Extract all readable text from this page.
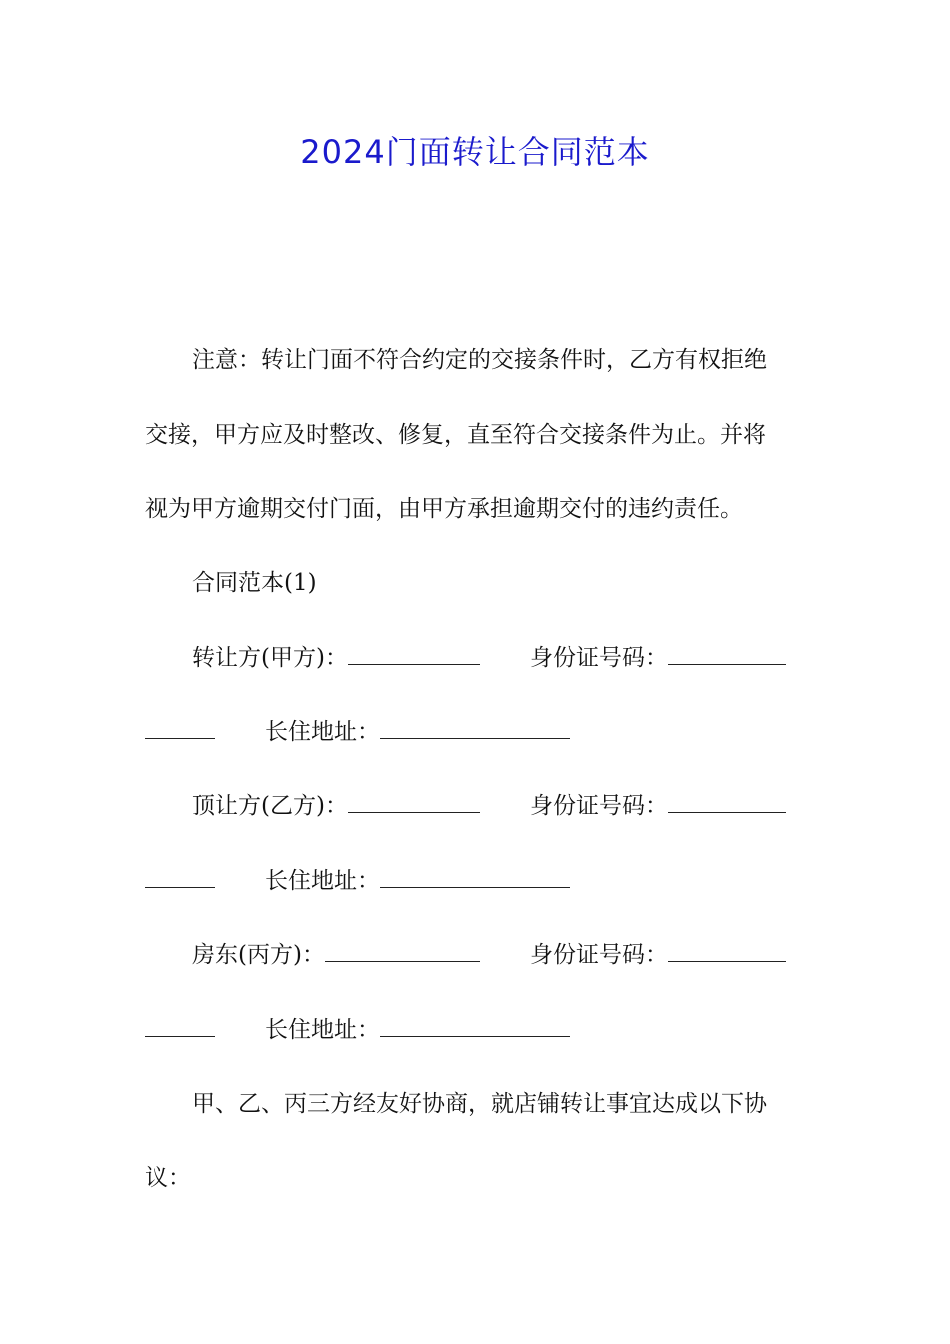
2024门面转让合同范本
注意：转让门面不符合约定的交接条件时，乙方有权拒绝
交接，甲方应及时整改、修复，直至符合交接条件为止。并将
视为甲方逾期交付门面，由甲方承担逾期交付的违约责任。
合同范本(1)
转让方(甲方)：	身份证号码：
长住地址：
顶让方(乙方)：	身份证号码：
长住地址：
房东(丙方)：	身份证号码：
长住地址：
甲、乙、丙三方经友好协商，就店铺转让事宜达成以下协
议：
